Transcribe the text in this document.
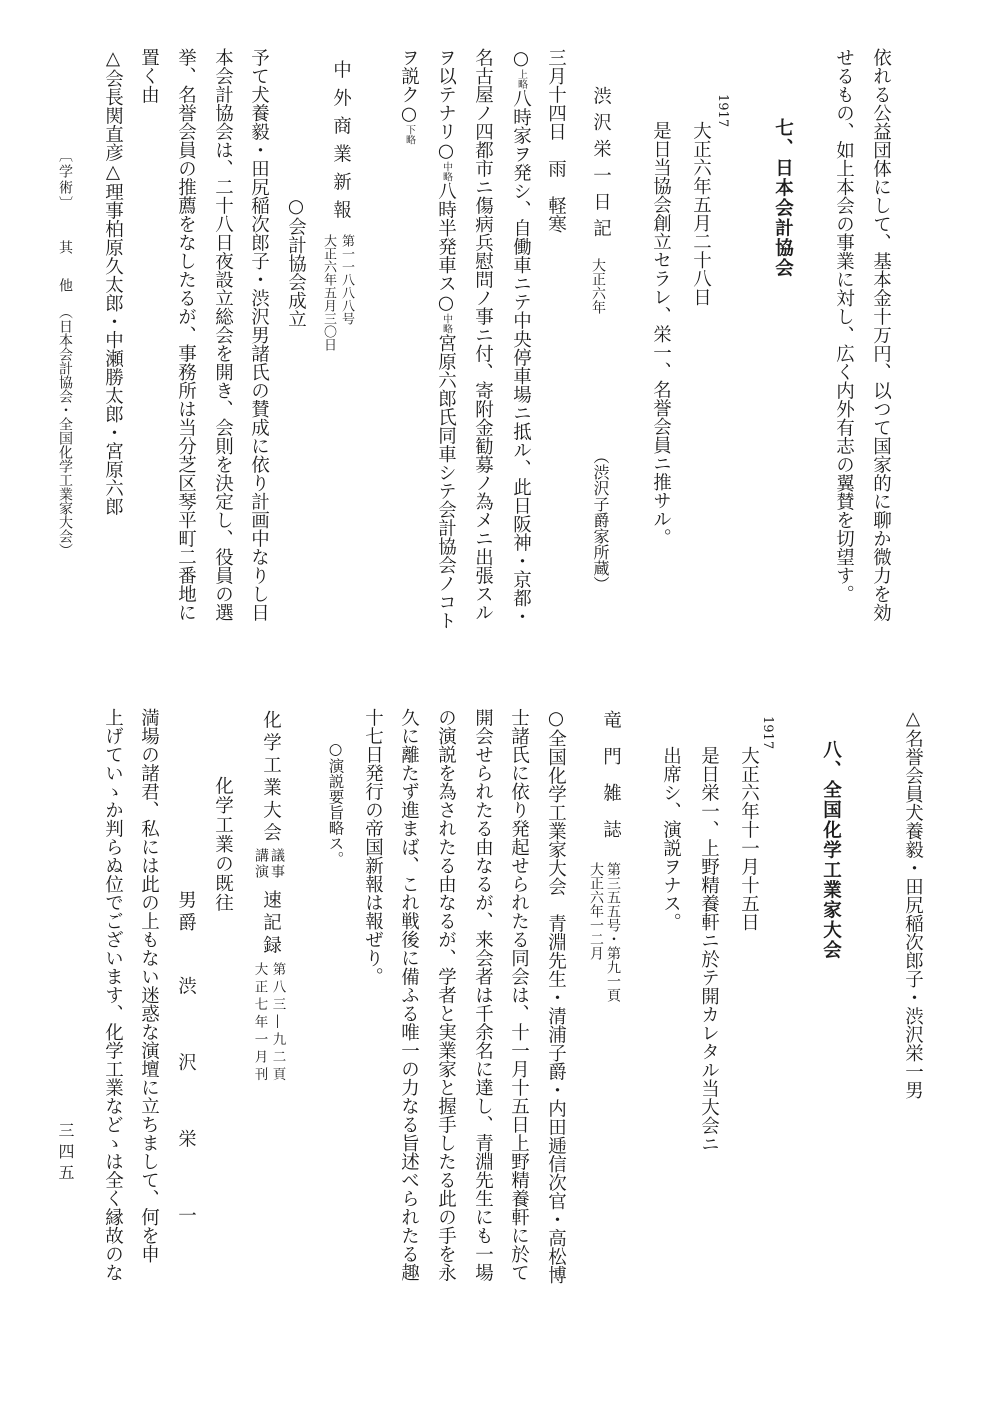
依れる公益団体にして、基本金十万円、以つて国家的に聊か微力を効
せるもの、如上本会の事業に対し、広く内外有志の翼賛を切望す。
七、日本会計協会
1917
大正六年五月二十八日
是日当協会創立セラレ、栄一、名誉会員ニ推サル。
渋沢栄一日記
大正六年
（渋沢子爵家所蔵）
三月十四日　雨　軽寒
○上略八時家ヲ発シ、自働車ニテ中央停車場ニ抵ル、此日阪神・京都・
名古屋ノ四都市ニ傷病兵慰問ノ事ニ付、寄附金勧募ノ為メニ出張スル
ヲ以テナリ○中略八時半発車ス○中略宮原六郎氏同車シテ会計協会ノコト
ヲ説ク○下略
中外商業新報
第一一八八八号
大正六年五月三〇日
○会計協会成立
予て犬養毅・田尻稲次郎子・渋沢男諸氏の賛成に依り計画中なりし日
本会計協会は、二十八日夜設立総会を開き、会則を決定し、役員の選
挙、名誉会員の推薦をなしたるが、事務所は当分芝区琴平町二番地に
置く由
△会長関直彦△理事柏原久太郎・中瀬勝太郎・宮原六郎
〔学術〕
其他
（日本会計協会・全国化学工業家大会）
△名誉会員犬養毅・田尻稲次郎子・渋沢栄一男
八、全国化学工業家大会
1917
大正六年十一月十五日
是日栄一、上野精養軒ニ於テ開カレタル当大会ニ
出席シ、演説ヲナス。
竜門雑誌
第三五五号・第九一頁
大正六年一二月
○全国化学工業家大会　青淵先生・清浦子爵・内田逓信次官・高松博
士諸氏に依り発起せられたる同会は、十一月十五日上野精養軒に於て
開会せられたる由なるが、来会者は千余名に達し、青淵先生にも一場
の演説を為されたる由なるが、学者と実業家と握手したる此の手を永
久に離たず進まば、これ戦後に備ふる唯一の力なる旨述べられたる趣
十七日発行の帝国新報は報ぜり。
○演説要旨略ス。
化学工業大会
議事
講演
速記録
第八三―九二頁
大正七年一月刊
化学工業の既往
男爵
渋沢栄一
満場の諸君、私には此の上もない迷惑な演壇に立ちまして、何を申
上げていゝか判らぬ位でございます、化学工業などゝは全く縁故のな
三四五
